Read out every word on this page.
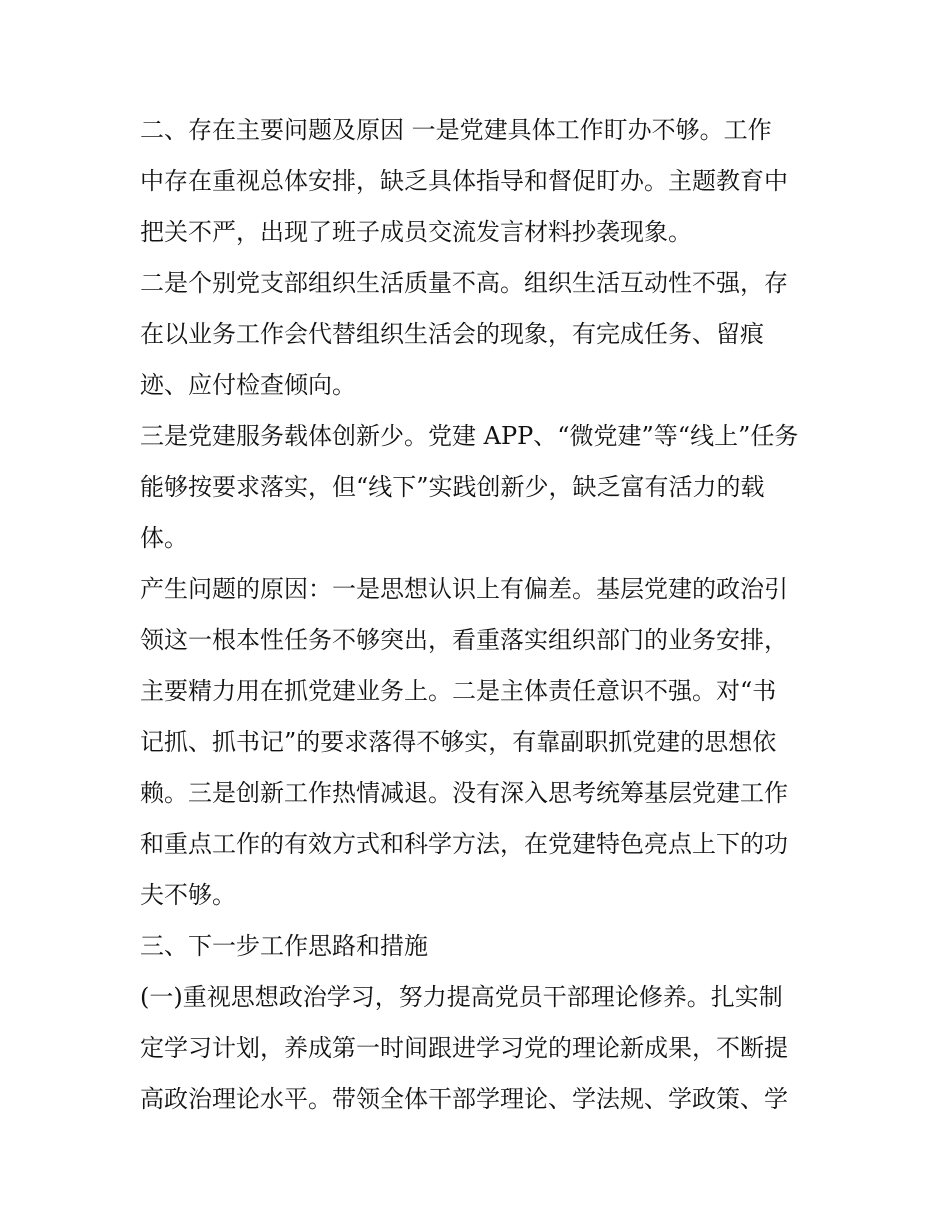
二、存在主要问题及原因 一是党建具体工作盯办不够。工作
中存在重视总体安排，缺乏具体指导和督促盯办。主题教育中
把关不严，出现了班子成员交流发言材料抄袭现象。
二是个别党支部组织生活质量不高。组织生活互动性不强，存
在以业务工作会代替组织生活会的现象，有完成任务、留痕
迹、应付检查倾向。
三是党建服务载体创新少。党建 APP、“微党建”等“线上”任务
能够按要求落实，但“线下”实践创新少，缺乏富有活力的载
体。
产生问题的原因：一是思想认识上有偏差。基层党建的政治引
领这一根本性任务不够突出，看重落实组织部门的业务安排，
主要精力用在抓党建业务上。二是主体责任意识不强。对“书
记抓、抓书记”的要求落得不够实，有靠副职抓党建的思想依
赖。三是创新工作热情减退。没有深入思考统筹基层党建工作
和重点工作的有效方式和科学方法，在党建特色亮点上下的功
夫不够。
三、下一步工作思路和措施
(一)重视思想政治学习，努力提高党员干部理论修养。扎实制
定学习计划，养成第一时间跟进学习党的理论新成果，不断提
高政治理论水平。带领全体干部学理论、学法规、学政策、学
